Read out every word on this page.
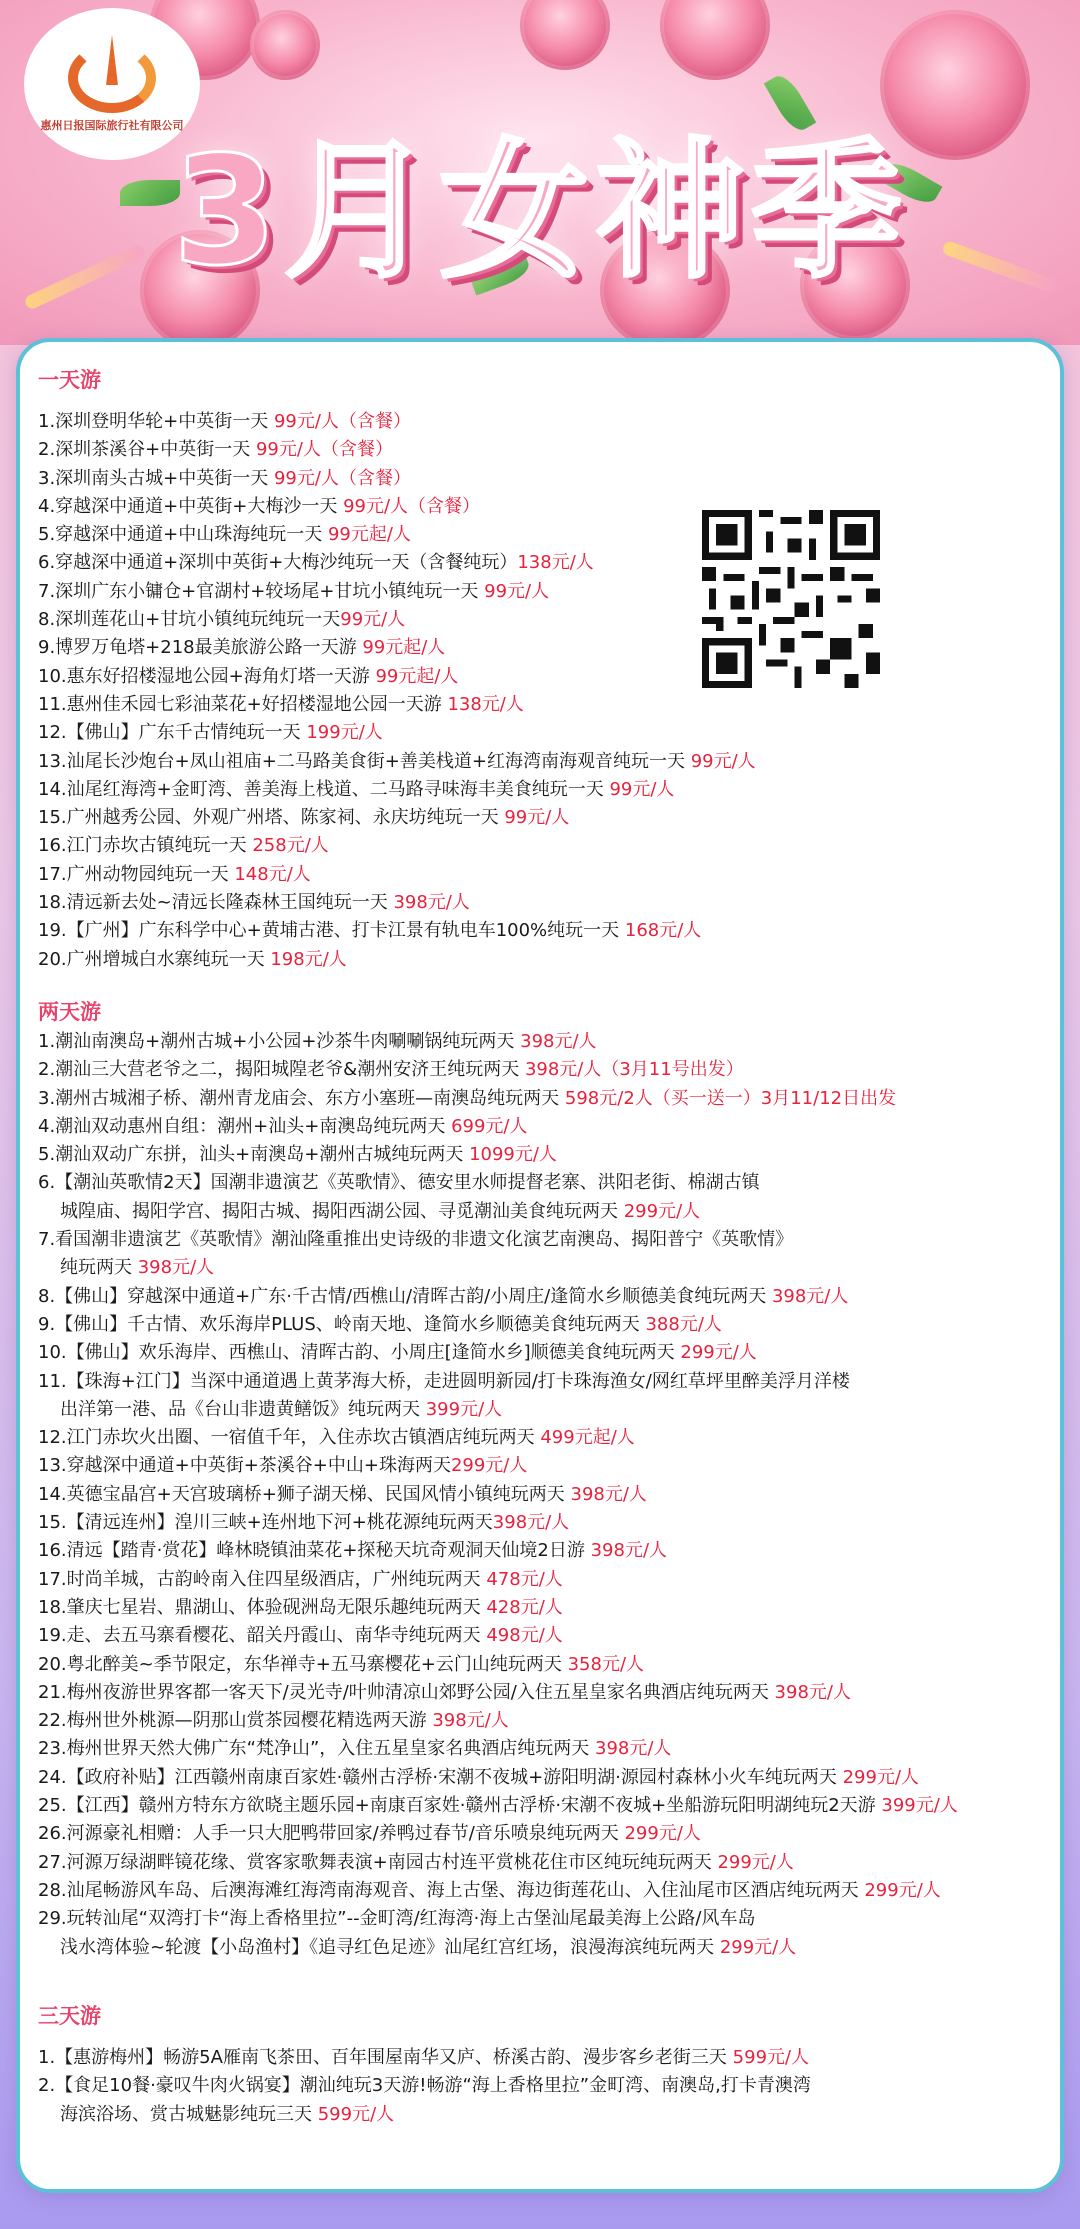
惠州日报国际旅行社有限公司
3月女神季
一天游
1.深圳登明华轮+中英街一天 99元/人（含餐）
2.深圳茶溪谷+中英街一天 99元/人（含餐）
3.深圳南头古城+中英街一天 99元/人（含餐）
4.穿越深中通道+中英街+大梅沙一天 99元/人（含餐）
5.穿越深中通道+中山珠海纯玩一天 99元起/人
6.穿越深中通道+深圳中英街+大梅沙纯玩一天（含餐纯玩）138元/人
7.深圳广东小镛仓+官湖村+较场尾+甘坑小镇纯玩一天 99元/人
8.深圳莲花山+甘坑小镇纯玩纯玩一天99元/人
9.博罗万龟塔+218最美旅游公路一天游 99元起/人
10.惠东好招楼湿地公园+海角灯塔一天游 99元起/人
11.惠州佳禾园七彩油菜花+好招楼湿地公园一天游 138元/人
12.【佛山】广东千古情纯玩一天 199元/人
13.汕尾长沙炮台+凤山祖庙+二马路美食街+善美栈道+红海湾南海观音纯玩一天 99元/人
14.汕尾红海湾+金町湾、善美海上栈道、二马路寻味海丰美食纯玩一天 99元/人
15.广州越秀公园、外观广州塔、陈家祠、永庆坊纯玩一天 99元/人
16.江门赤坎古镇纯玩一天 258元/人
17.广州动物园纯玩一天 148元/人
18.清远新去处~清远长隆森林王国纯玩一天 398元/人
19.【广州】广东科学中心+黄埔古港、打卡江景有轨电车100%纯玩一天 168元/人
20.广州增城白水寨纯玩一天 198元/人
两天游
1.潮汕南澳岛+潮州古城+小公园+沙茶牛肉唰唰锅纯玩两天 398元/人
2.潮汕三大营老爷之二，揭阳城隍老爷&潮州安济王纯玩两天 398元/人（3月11号出发）
3.潮州古城湘子桥、潮州青龙庙会、东方小塞班—南澳岛纯玩两天 598元/2人（买一送一）3月11/12日出发
4.潮汕双动惠州自组：潮州+汕头+南澳岛纯玩两天 699元/人
5.潮汕双动广东拼，汕头+南澳岛+潮州古城纯玩两天 1099元/人
6.【潮汕英歌情2天】国潮非遗演艺《英歌情》、德安里水师提督老寨、洪阳老街、棉湖古镇
城隍庙、揭阳学宫、揭阳古城、揭阳西湖公园、寻觅潮汕美食纯玩两天 299元/人
7.看国潮非遗演艺《英歌情》潮汕隆重推出史诗级的非遗文化演艺南澳岛、揭阳普宁《英歌情》
纯玩两天 398元/人
8.【佛山】穿越深中通道+广东·千古情/西樵山/清晖古韵/小周庄/逢简水乡顺德美食纯玩两天 398元/人
9.【佛山】千古情、欢乐海岸PLUS、岭南天地、逢简水乡顺德美食纯玩两天 388元/人
10.【佛山】欢乐海岸、西樵山、清晖古韵、小周庄[逢简水乡]顺德美食纯玩两天 299元/人
11.【珠海+江门】当深中通道遇上黄茅海大桥，走进圆明新园/打卡珠海渔女/网红草坪里醉美浮月洋楼
出洋第一港、品《台山非遗黄鳝饭》纯玩两天 399元/人
12.江门赤坎火出圈、一宿值千年，入住赤坎古镇酒店纯玩两天 499元起/人
13.穿越深中通道+中英街+茶溪谷+中山+珠海两天299元/人
14.英德宝晶宫+天宫玻璃桥+狮子湖天梯、民国风情小镇纯玩两天 398元/人
15.【清远连州】湟川三峡+连州地下河+桃花源纯玩两天398元/人
16.清远【踏青·赏花】峰林晓镇油菜花+探秘天坑奇观洞天仙境2日游 398元/人
17.时尚羊城，古韵岭南入住四星级酒店，广州纯玩两天 478元/人
18.肇庆七星岩、鼎湖山、体验砚洲岛无限乐趣纯玩两天 428元/人
19.走、去五马寨看樱花、韶关丹霞山、南华寺纯玩两天 498元/人
20.粤北醉美~季节限定，东华禅寺+五马寨樱花+云门山纯玩两天 358元/人
21.梅州夜游世界客都一客天下/灵光寺/叶帅清凉山郊野公园/入住五星皇家名典酒店纯玩两天 398元/人
22.梅州世外桃源—阴那山赏茶园樱花精选两天游 398元/人
23.梅州世界天然大佛广东“梵净山”，入住五星皇家名典酒店纯玩两天 398元/人
24.【政府补贴】江西赣州南康百家姓·赣州古浮桥·宋潮不夜城+游阳明湖·源园村森林小火车纯玩两天 299元/人
25.【江西】赣州方特东方欲晓主题乐园+南康百家姓·赣州古浮桥·宋潮不夜城+坐船游玩阳明湖纯玩2天游 399元/人
26.河源豪礼相赠：人手一只大肥鸭带回家/养鸭过春节/音乐喷泉纯玩两天 299元/人
27.河源万绿湖畔镜花缘、赏客家歌舞表演+南园古村连平赏桃花住市区纯玩纯玩两天 299元/人
28.汕尾畅游风车岛、后澳海滩红海湾南海观音、海上古堡、海边街莲花山、入住汕尾市区酒店纯玩两天 299元/人
29.玩转汕尾“双湾打卡“海上香格里拉”--金町湾/红海湾·海上古堡汕尾最美海上公路/风车岛
浅水湾体验~轮渡【小岛渔村】《追寻红色足迹》汕尾红宫红场，浪漫海滨纯玩两天 299元/人
三天游
1.【惠游梅州】畅游5A雁南飞茶田、百年围屋南华又庐、桥溪古韵、漫步客乡老街三天 599元/人
2.【食足10餐·豪叹牛肉火锅宴】潮汕纯玩3天游!畅游“海上香格里拉”金町湾、南澳岛,打卡青澳湾
海滨浴场、赏古城魅影纯玩三天 599元/人
